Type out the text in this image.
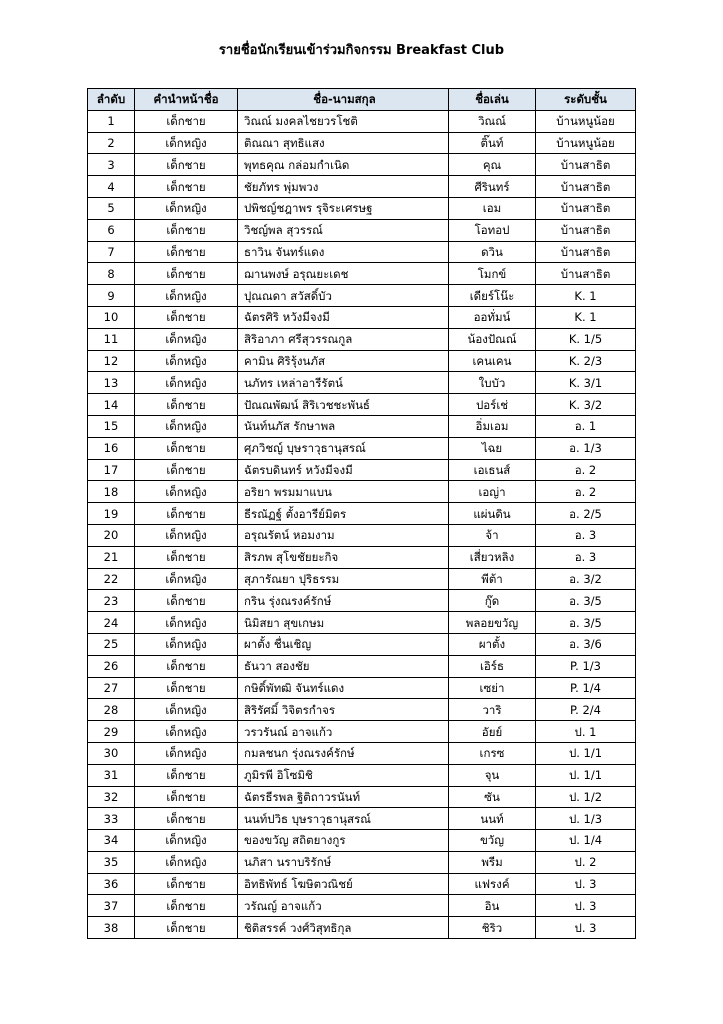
รายชื่อนักเรียนเข้าร่วมกิจกรรม Breakfast Club
ลำดับ	คำนำหน้าชื่อ	ชื่อ-นามสกุล	ชื่อเล่น	ระดับชั้น
1	เด็กชาย	วิณณ์ มงคลไชยวรโชติ	วิณณ์	บ้านหนูน้อย
2	เด็กหญิง	ติณณา สุทธิแสง	ติ๊นท์	บ้านหนูน้อย
3	เด็กชาย	พุทธคุณ กล่อมกำเนิด	คุณ	บ้านสาธิต
4	เด็กชาย	ชัยภัทร พุ่มพวง	ศีรินทร์	บ้านสาธิต
5	เด็กหญิง	ปพิชญ์ชฎาพร รุจิระเศรษฐ	เอม	บ้านสาธิต
6	เด็กชาย	วิชญ์พล สุวรรณ์	โอทอป	บ้านสาธิต
7	เด็กชาย	ธาวิน จันทร์แดง	ดวิน	บ้านสาธิต
8	เด็กชาย	ฌานพงษ์ อรุณยะเดช	โมกข์	บ้านสาธิต
9	เด็กหญิง	ปุณณดา สวัสดิ์บัว	เดียร์โน๊ะ	K. 1
10	เด็กชาย	ฉัตรศิริ หวังมีจงมี	ออทั่มน์	K. 1
11	เด็กหญิง	สิริอาภา ศรีสุวรรณกูล	น้องปัณณ์	K. 1/5
12	เด็กหญิง	คามิน ศิริรุ้งนภัส	เคนเคน	K. 2/3
13	เด็กหญิง	นภัทร เหล่าอารีรัตน์	ใบบัว	K. 3/1
14	เด็กชาย	ปัณณพัฒน์ สิริเวชชะพันธ์	ปอร์เช่	K. 3/2
15	เด็กหญิง	นันท์นภัส รักษาพล	อิ่มเอม	อ. 1
16	เด็กชาย	ศุภวิชญ์ บุษราวุธานุสรณ์	ไฉย	อ. 1/3
17	เด็กชาย	ฉัตรบดินทร์ หวังมีจงมี	เอเธนส์	อ. 2
18	เด็กหญิง	อริยา พรมมาแบน	เอญ่า	อ. 2
19	เด็กชาย	ธีรณัฏฐ์ ตั้งอารีย์มิตร	แผ่นดิน	อ. 2/5
20	เด็กหญิง	อรุณรัตน์ หอมงาม	จ้า	อ. 3
21	เด็กชาย	สิรภพ สุโขชัยยะกิจ	เสี่ยวหลิง	อ. 3
22	เด็กหญิง	สุภารัณยา ปุริธรรม	พีต้า	อ. 3/2
23	เด็กชาย	กริน รุ่งณรงค์รักษ์	กู๊ด	อ. 3/5
24	เด็กหญิง	นิมิสยา สุขเกษม	พลอยขวัญ	อ. 3/5
25	เด็กหญิง	ผาตั้ง ชื่นเชิญ	ผาตั้ง	อ. 3/6
26	เด็กชาย	ธันวา สองชัย	เอิร์ธ	P. 1/3
27	เด็กชาย	กษิดิ์พัทฒิ จันทร์แดง	เซย่า	P. 1/4
28	เด็กหญิง	สิริรัศมิ์ วิจิตรกำจร	วาริ	P. 2/4
29	เด็กหญิง	วรวรันณ์ อาจแก้ว	อัยย์	ป. 1
30	เด็กหญิง	กมลชนก รุ่งณรงค์รักษ์	เกรซ	ป. 1/1
31	เด็กชาย	ภูมิรพี อิโซมิชิ	จุน	ป. 1/1
32	เด็กชาย	ฉัตรธีรพล ฐิติถาวรนันท์	ซัน	ป. 1/2
33	เด็กชาย	นนท์ปวิธ บุษราวุธานุสรณ์	นนท์	ป. 1/3
34	เด็กหญิง	ของขวัญ สถิตยางกูร	ขวัญ	ป. 1/4
35	เด็กหญิง	นภิสา นราบริรักษ์	พรีม	ป. 2
36	เด็กชาย	อิทธิพัทธ์ โฆษิตวณิชย์	แฟรงค์	ป. 3
37	เด็กชาย	วรัณญ์ อาจแก้ว	อิน	ป. 3
38	เด็กชาย	ชิติสรรค์ วงศ์วิสุทธิกุล	ชิริว	ป. 3
